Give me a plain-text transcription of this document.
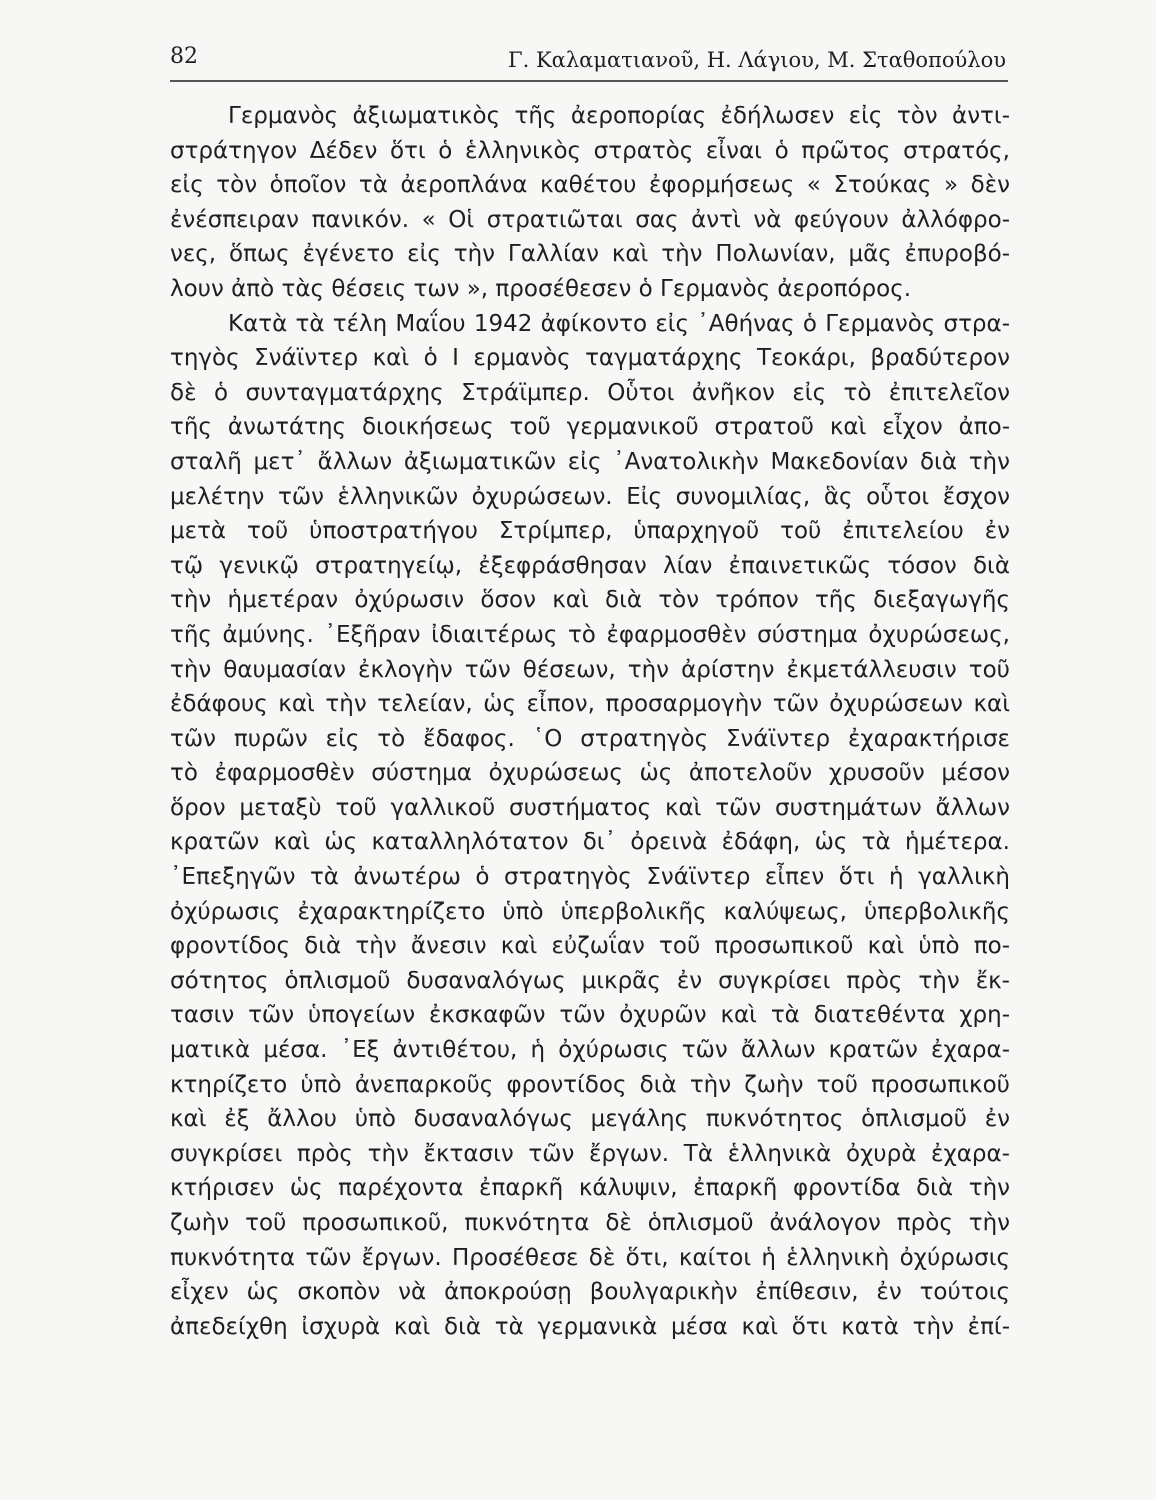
82	Γ. Καλαματιανοῦ, Η. Λάγιου, Μ. Σταθοπούλου
Γερμανὸς ἀξιωματικὸς τῆς ἀεροπορίας ἐδήλωσεν εἰς τὸν ἀντι-
στράτηγον Δέδεν ὅτι ὁ ἑλληνικὸς στρατὸς εἶναι ὁ πρῶτος στρατός,
εἰς τὸν ὁποῖον τὰ ἀεροπλάνα καθέτου ἐφορμήσεως « Στούκας » δὲν
ἐνέσπειραν πανικόν. « Οἱ στρατιῶται σας ἀντὶ νὰ φεύγουν ἀλλόφρο-
νες, ὅπως ἐγένετο εἰς τὴν Γαλλίαν καὶ τὴν Πολωνίαν, μᾶς ἐπυροβό-
λουν ἀπὸ τὰς θέσεις των », προσέθεσεν ὁ Γερμανὸς ἀεροπόρος.
Κατὰ τὰ τέλη Μαΐου 1942 ἀφίκοντο εἰς ᾿Αθήνας ὁ Γερμανὸς στρα-
τηγὸς Σνάϊντερ καὶ ὁ Ι ερμανὸς ταγματάρχης Τεοκάρι, βραδύτερον
δὲ ὁ συνταγματάρχης Στράϊμπερ. Οὗτοι ἀνῆκον εἰς τὸ ἐπιτελεῖον
τῆς ἀνωτάτης διοικήσεως τοῦ γερμανικοῦ στρατοῦ καὶ εἶχον ἀπο-
σταλῆ μετ᾿ ἄλλων ἀξιωματικῶν εἰς ᾿Ανατολικὴν Μακεδονίαν διὰ τὴν
μελέτην τῶν ἑλληνικῶν ὀχυρώσεων. Εἰς συνομιλίας, ἃς οὗτοι ἔσχον
μετὰ τοῦ ὑποστρατήγου Στρίμπερ, ὑπαρχηγοῦ τοῦ ἐπιτελείου ἐν
τῷ γενικῷ στρατηγείῳ, ἐξεφράσθησαν λίαν ἐπαινετικῶς τόσον διὰ
τὴν ἡμετέραν ὀχύρωσιν ὅσον καὶ διὰ τὸν τρόπον τῆς διεξαγωγῆς
τῆς ἀμύνης. ᾿Εξῆραν ἰδιαιτέρως τὸ ἐφαρμοσθὲν σύστημα ὀχυρώσεως,
τὴν θαυμασίαν ἐκλογὴν τῶν θέσεων, τὴν ἀρίστην ἐκμετάλλευσιν τοῦ
ἐδάφους καὶ τὴν τελείαν, ὡς εἶπον, προσαρμογὴν τῶν ὀχυρώσεων καὶ
τῶν πυρῶν εἰς τὸ ἔδαφος. ῾Ο στρατηγὸς Σνάϊντερ ἐχαρακτήρισε
τὸ ἐφαρμοσθὲν σύστημα ὀχυρώσεως ὡς ἀποτελοῦν χρυσοῦν μέσον
ὅρον μεταξὺ τοῦ γαλλικοῦ συστήματος καὶ τῶν συστημάτων ἄλλων
κρατῶν καὶ ὡς καταλληλότατον δι᾿ ὀρεινὰ ἐδάφη, ὡς τὰ ἡμέτερα.
᾿Επεξηγῶν τὰ ἀνωτέρω ὁ στρατηγὸς Σνάϊντερ εἶπεν ὅτι ἡ γαλλικὴ
ὀχύρωσις ἐχαρακτηρίζετο ὑπὸ ὑπερβολικῆς καλύψεως, ὑπερβολικῆς
φροντίδος διὰ τὴν ἄνεσιν καὶ εὐζωΐαν τοῦ προσωπικοῦ καὶ ὑπὸ πο-
σότητος ὁπλισμοῦ δυσαναλόγως μικρᾶς ἐν συγκρίσει πρὸς τὴν ἔκ-
τασιν τῶν ὑπογείων ἐκσκαφῶν τῶν ὀχυρῶν καὶ τὰ διατεθέντα χρη-
ματικὰ μέσα. ᾿Εξ ἀντιθέτου, ἡ ὀχύρωσις τῶν ἄλλων κρατῶν ἐχαρα-
κτηρίζετο ὑπὸ ἀνεπαρκοῦς φροντίδος διὰ τὴν ζωὴν τοῦ προσωπικοῦ
καὶ ἐξ ἄλλου ὑπὸ δυσαναλόγως μεγάλης πυκνότητος ὁπλισμοῦ ἐν
συγκρίσει πρὸς τὴν ἔκτασιν τῶν ἔργων. Τὰ ἑλληνικὰ ὀχυρὰ ἐχαρα-
κτήρισεν ὡς παρέχοντα ἐπαρκῆ κάλυψιν, ἐπαρκῆ φροντίδα διὰ τὴν
ζωὴν τοῦ προσωπικοῦ, πυκνότητα δὲ ὁπλισμοῦ ἀνάλογον πρὸς τὴν
πυκνότητα τῶν ἔργων. Προσέθεσε δὲ ὅτι, καίτοι ἡ ἑλληνικὴ ὀχύρωσις
εἶχεν ὡς σκοπὸν νὰ ἀποκρούσῃ βουλγαρικὴν ἐπίθεσιν, ἐν τούτοις
ἀπεδείχθη ἰσχυρὰ καὶ διὰ τὰ γερμανικὰ μέσα καὶ ὅτι κατὰ τὴν ἐπί-
